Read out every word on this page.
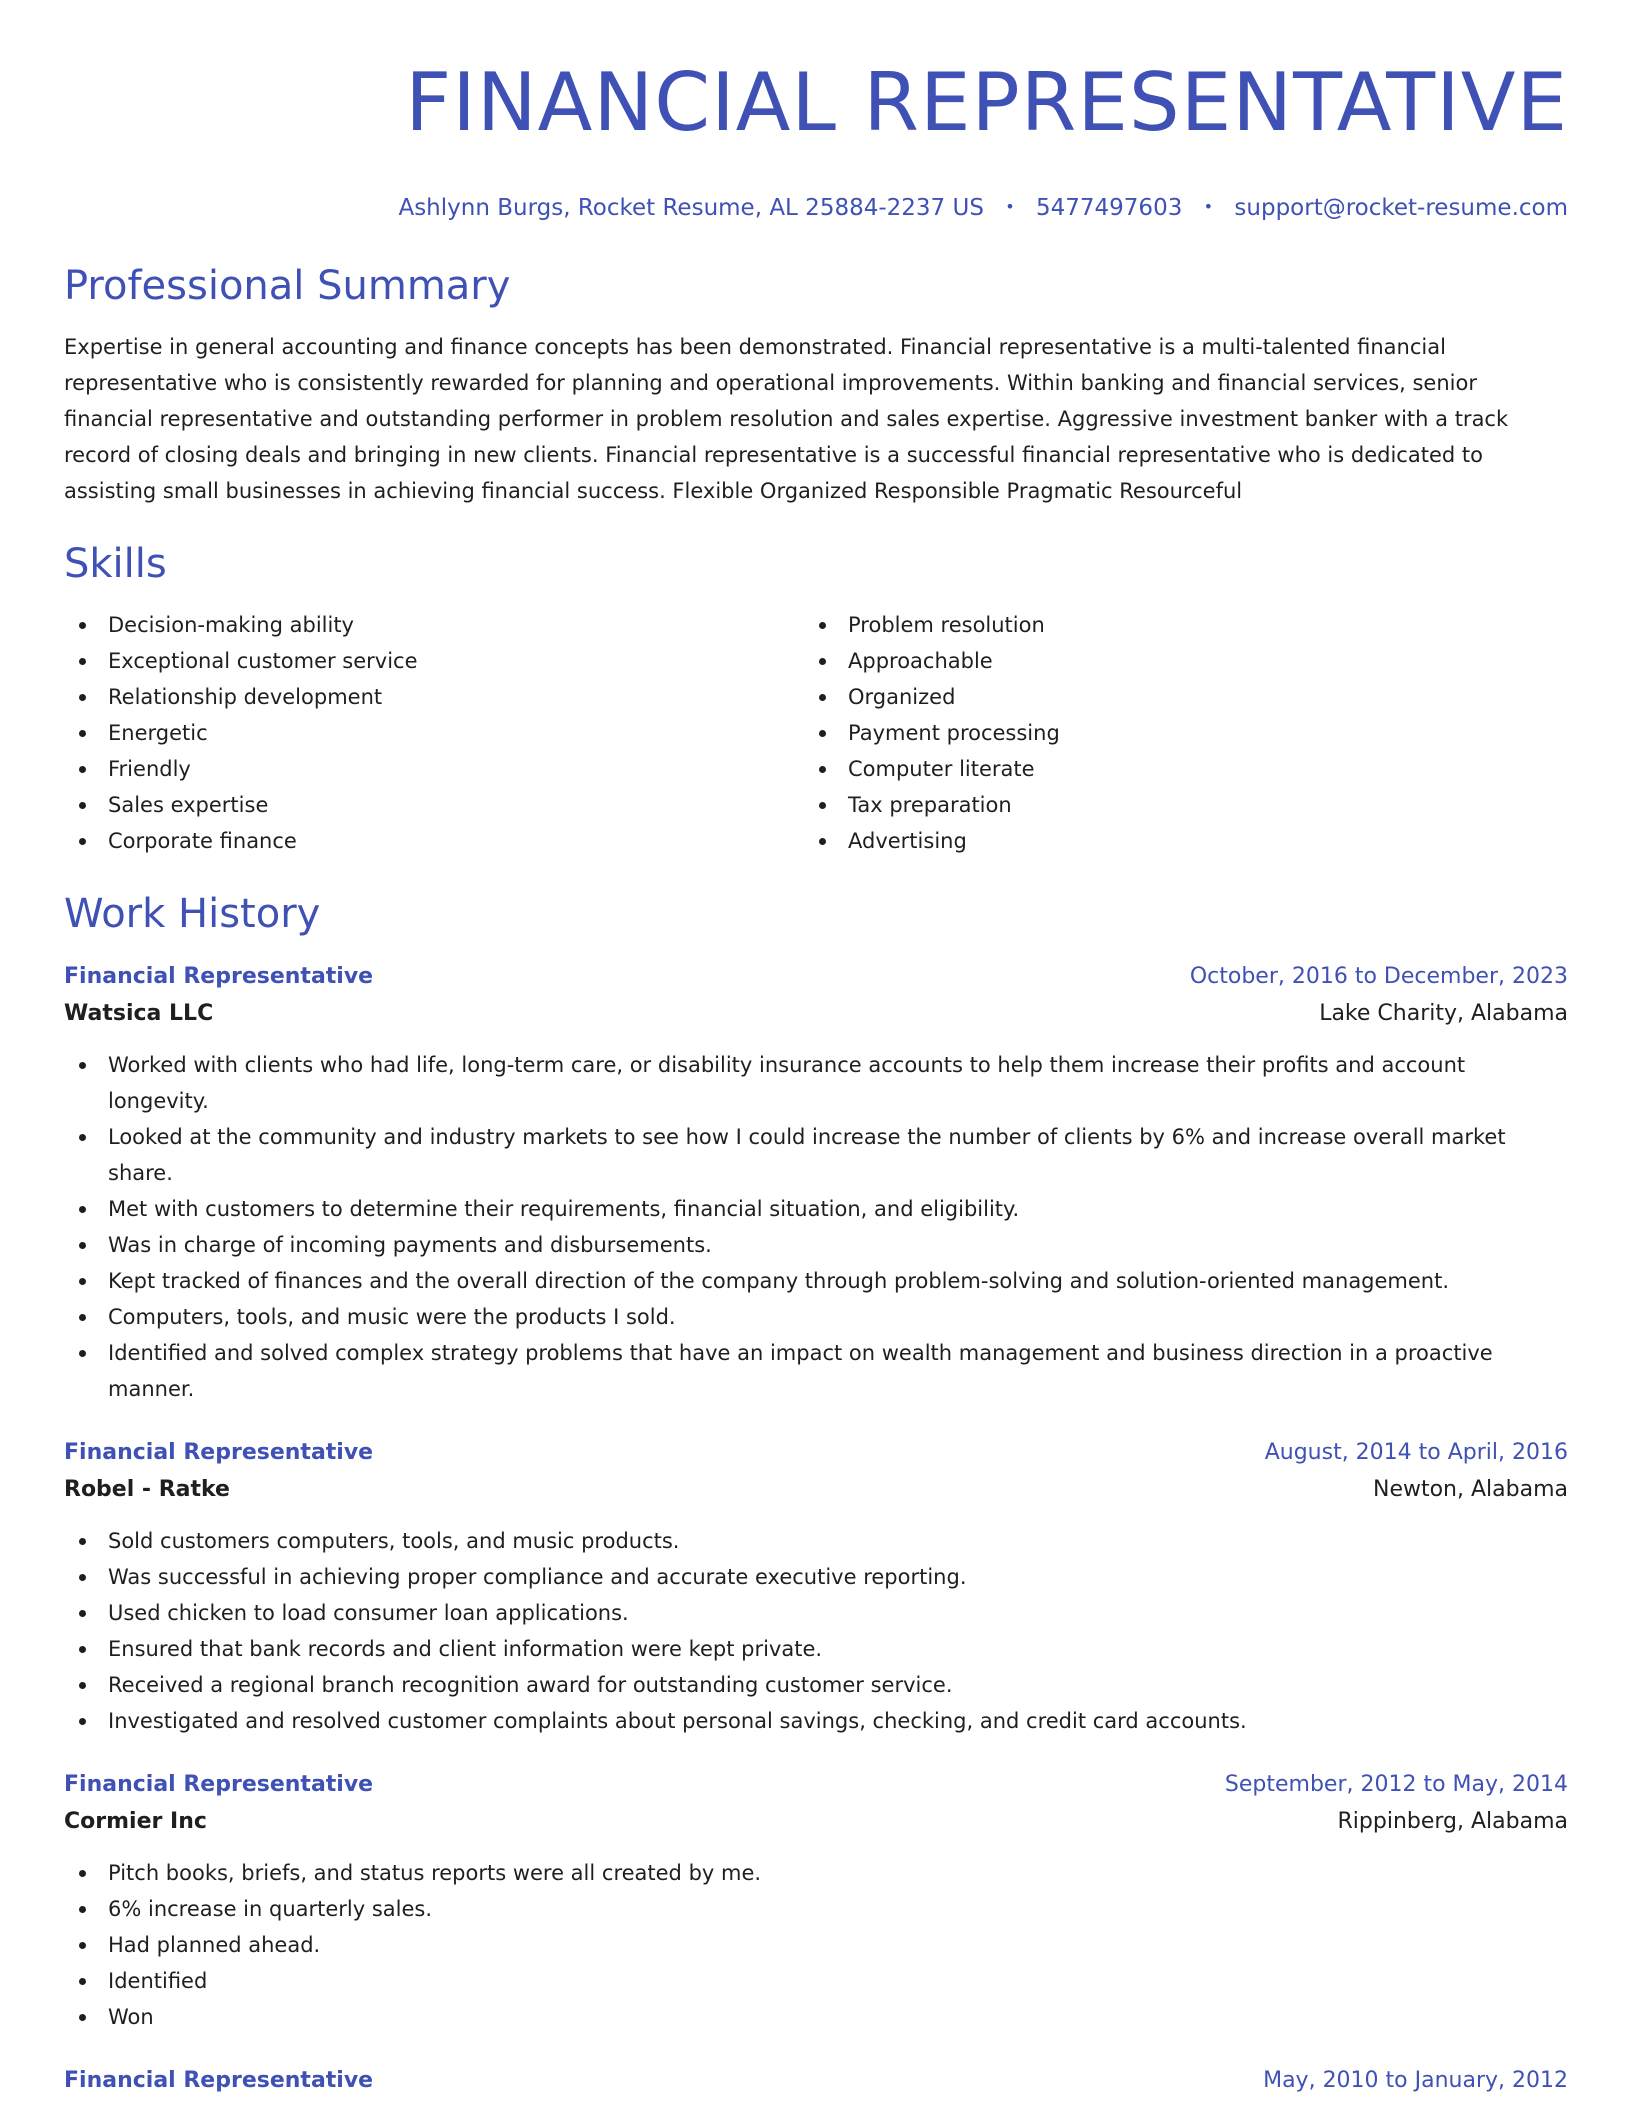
FINANCIAL REPRESENTATIVE
Ashlynn Burgs, Rocket Resume, AL 25884-2237 US • 5477497603 • support@rocket-resume.com
Professional Summary

Expertise in general accounting and finance concepts has been demonstrated. Financial representative is a multi-talented financial representative who is consistently rewarded for planning and operational improvements. Within banking and financial services, senior financial representative and outstanding performer in problem resolution and sales expertise. Aggressive investment banker with a track record of closing deals and bringing in new clients. Financial representative is a successful financial representative who is dedicated to assisting small businesses in achieving financial success. Flexible Organized Responsible Pragmatic Resourceful

Skills
Decision-making ability
Exceptional customer service
Relationship development
Energetic
Friendly
Sales expertise
Corporate finance
Problem resolution
Approachable
Organized
Payment processing
Computer literate
Tax preparation
Advertising
Work History
Financial Representative	October, 2016 to December, 2023
Watsica LLC	Lake Charity, Alabama
Worked with clients who had life, long-term care, or disability insurance accounts to help them increase their profits and account longevity.
Looked at the community and industry markets to see how I could increase the number of clients by 6% and increase overall market share.
Met with customers to determine their requirements, financial situation, and eligibility.
Was in charge of incoming payments and disbursements.
Kept tracked of finances and the overall direction of the company through problem-solving and solution-oriented management.
Computers, tools, and music were the products I sold.
Identified and solved complex strategy problems that have an impact on wealth management and business direction in a proactive manner.
Financial Representative	August, 2014 to April, 2016
Robel - Ratke	Newton, Alabama
Sold customers computers, tools, and music products.
Was successful in achieving proper compliance and accurate executive reporting.
Used chicken to load consumer loan applications.
Ensured that bank records and client information were kept private.
Received a regional branch recognition award for outstanding customer service.
Investigated and resolved customer complaints about personal savings, checking, and credit card accounts.
Financial Representative	September, 2012 to May, 2014
Cormier Inc	Rippinberg, Alabama
Pitch books, briefs, and status reports were all created by me.
6% increase in quarterly sales.
Had planned ahead.
Identified
Won
Financial Representative	May, 2010 to January, 2012
